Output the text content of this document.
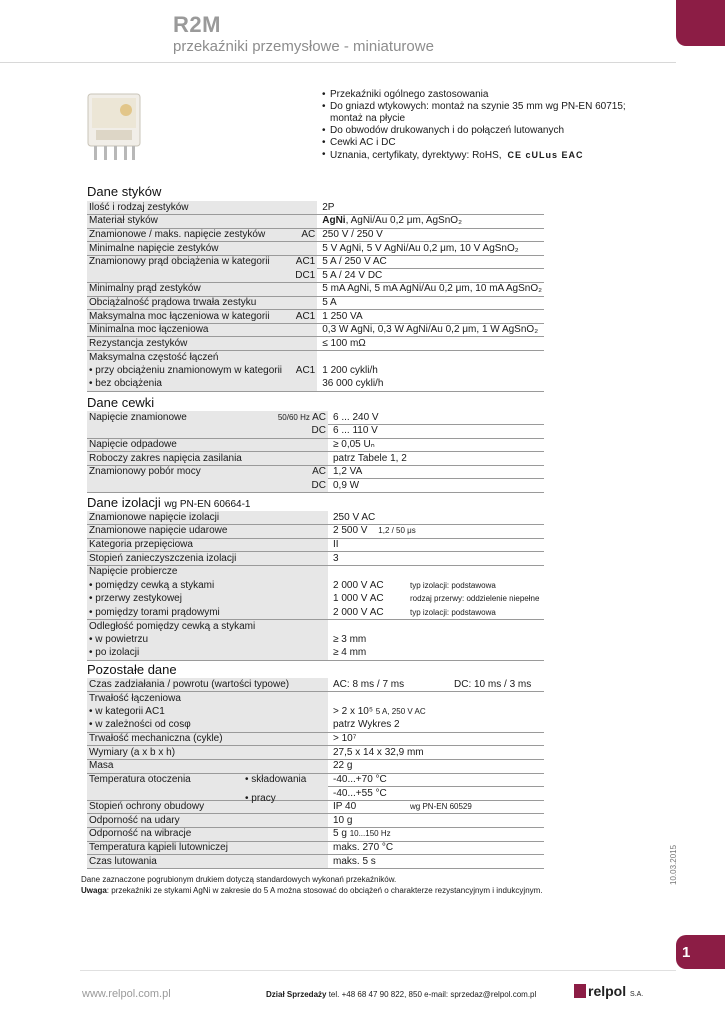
R2M
przekaźniki przemysłowe - miniaturowe
• Przekaźniki ogólnego zastosowania
• Do gniazd wtykowych: montaż na szynie 35 mm wg PN-EN 60715; montaż na płycie
• Do obwodów drukowanych i do połączeń lutowanych
• Cewki AC i DC
• Uznania, certyfikaty, dyrektywy: RoHS, CE cULus EAC
Dane styków
Ilość i rodzaj zestyków	2P
Materiał styków	AgNi, AgNi/Au 0,2 μm, AgSnO₂
Znamionowe / maks. napięcie zestyków AC	250 V / 250 V
Minimalne napięcie zestyków	5 V AgNi, 5 V AgNi/Au 0,2 μm, 10 V AgSnO₂
Znamionowy prąd obciążenia w kategorii AC1	5 A / 250 V AC

DC1	5 A / 24 V DC
Minimalny prąd zestyków	5 mA AgNi, 5 mA AgNi/Au 0,2 μm, 10 mA AgSnO₂
Obciążalność prądowa trwała zestyku	5 A
Maksymalna moc łączeniowa w kategorii AC1	1 250 VA
Minimalna moc łączeniowa	0,3 W AgNi, 0,3 W AgNi/Au 0,2 μm, 1 W AgSnO₂
Rezystancja zestyków	≤ 100 mΩ
Maksymalna częstość łączeń	
• przy obciążeniu znamionowym w kategorii AC1	1 200 cykli/h
• bez obciążenia	36 000 cykli/h
Dane cewki
Napięcie znamionowe 50/60 Hz AC	6 ... 240 V

DC	6 ... 110 V
Napięcie odpadowe	≥ 0,05 Uₙ
Roboczy zakres napięcia zasilania	patrz Tabele 1, 2
Znamionowy pobór mocy AC	1,2 VA

DC	0,9 W
Dane izolacji wg PN-EN 60664-1
Znamionowe napięcie izolacji	250 V AC
Znamionowe napięcie udarowe	2 500 V 1,2 / 50 μs
Kategoria przepięciowa	II
Stopień zanieczyszczenia izolacji	3
Napięcie probiercze	
• pomiędzy cewką a stykami	2 000 V AC typ izolacji: podstawowa

• przerwy zestykowej	1 000 V AC rodzaj przerwy: oddzielenie niepełne

• pomiędzy torami prądowymi	2 000 V AC typ izolacji: podstawowa

Odległość pomiędzy cewką a stykami	
• w powietrzu	≥ 3 mm
• po izolacji	≥ 4 mm
Pozostałe dane
Czas zadziałania / powrotu (wartości typowe)	AC: 8 ms / 7 ms DC: 10 ms / 3 ms

Trwałość łączeniowa	
• w kategorii AC1	> 2 x 10⁵ 5 A, 250 V AC
• w zależności od cosφ	patrz Wykres 2
Trwałość mechaniczna (cykle)	> 10⁷
Wymiary (a x b x h)	27,5 x 14 x 32,9 mm
Masa	22 g
Temperatura otoczenia • składowania	-40...+70 °C

• pracy	-40...+55 °C
Stopień ochrony obudowy	IP 40 wg PN-EN 60529

Odporność na udary	10 g
Odporność na wibracje	5 g 10...150 Hz
Temperatura kąpieli lutowniczej	maks. 270 °C
Czas lutowania	maks. 5 s
Dane zaznaczone pogrubionym drukiem dotyczą standardowych wykonań przekaźników.
Uwaga: przekaźniki ze stykami AgNi w zakresie do 5 A można stosować do obciążeń o charakterze rezystancyjnym i indukcyjnym.
10.03.2015
1
www.relpol.com.pl	Dział Sprzedaży tel. +48 68 47 90 822, 850 e-mail: sprzedaz@relpol.com.pl	relpol S.A.
